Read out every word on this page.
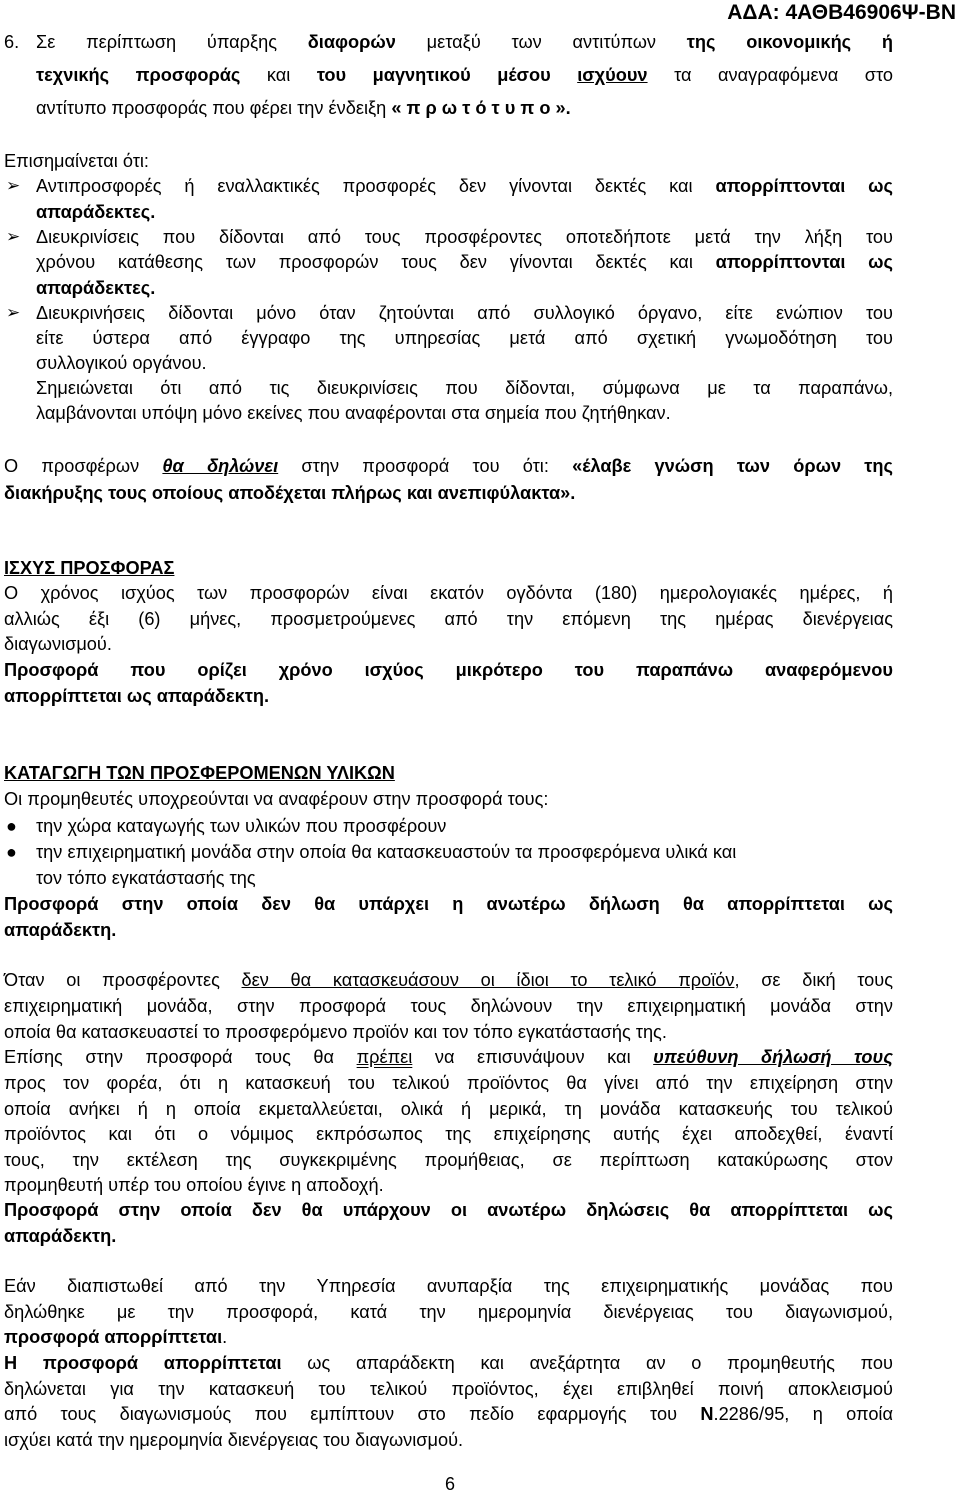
ΑΔΑ: 4ΑΘΒ46906Ψ-ΒΝ
6. Σε περίπτωση ύπαρξης διαφορών μεταξύ των αντιτύπων της οικονομικής ή
τεχνικής προσφοράς και του μαγνητικού μέσου ισχύουν τα αναγραφόμενα στο
αντίτυπο προσφοράς που φέρει την ένδειξη « π ρ ω τ ό τ υ π ο ».
Επισημαίνεται ότι:
➢ Αντιπροσφορές ή εναλλακτικές προσφορές δεν γίνονται δεκτές και απορρίπτονται ως
απαράδεκτες.
➢ Διευκρινίσεις που δίδονται από τους προσφέροντες οποτεδήποτε μετά την λήξη του
χρόνου κατάθεσης των προσφορών τους δεν γίνονται δεκτές και απορρίπτονται ως
απαράδεκτες.
➢ Διευκρινήσεις δίδονται μόνο όταν ζητούνται από συλλογικό όργανο, είτε ενώπιον του
είτε ύστερα από έγγραφο της υπηρεσίας μετά από σχετική γνωμοδότηση του
συλλογικού οργάνου.
Σημειώνεται ότι από τις διευκρινίσεις που δίδονται, σύμφωνα με τα παραπάνω,
λαμβάνονται υπόψη μόνο εκείνες που αναφέρονται στα σημεία που ζητήθηκαν.
Ο προσφέρων θα δηλώνει στην προσφορά του ότι: «έλαβε γνώση των όρων της
διακήρυξης τους οποίους αποδέχεται πλήρως και ανεπιφύλακτα».
ΙΣΧΥΣ ΠΡΟΣΦΟΡΑΣ
Ο χρόνος ισχύος των προσφορών είναι εκατόν ογδόντα (180) ημερολογιακές ημέρες, ή
αλλιώς έξι (6) μήνες, προσμετρούμενες από την επόμενη της ημέρας διενέργειας
διαγωνισμού.
Προσφορά που ορίζει χρόνο ισχύος μικρότερο του παραπάνω αναφερόμενου
απορρίπτεται ως απαράδεκτη.
ΚΑΤΑΓΩΓΗ ΤΩΝ ΠΡΟΣΦΕΡΟΜΕΝΩΝ ΥΛΙΚΩΝ
Οι προμηθευτές υποχρεούνται να αναφέρουν στην προσφορά τους:
● την χώρα καταγωγής των υλικών που προσφέρουν
● την επιχειρηματική μονάδα στην οποία θα κατασκευαστούν τα προσφερόμενα υλικά και
τον τόπο εγκατάστασής της
Προσφορά στην οποία δεν θα υπάρχει η ανωτέρω δήλωση θα απορρίπτεται ως
απαράδεκτη.
Όταν οι προσφέροντες δεν θα κατασκευάσουν οι ίδιοι το τελικό προϊόν, σε δική τους
επιχειρηματική μονάδα, στην προσφορά τους δηλώνουν την επιχειρηματική μονάδα στην
οποία θα κατασκευαστεί το προσφερόμενο προϊόν και τον τόπο εγκατάστασής της.
Επίσης στην προσφορά τους θα πρέπει να επισυνάψουν και υπεύθυνη δήλωσή τους
προς τον φορέα, ότι η κατασκευή του τελικού προϊόντος θα γίνει από την επιχείρηση στην
οποία ανήκει ή η οποία εκμεταλλεύεται, ολικά ή μερικά, τη μονάδα κατασκευής του τελικού
προϊόντος και ότι ο νόμιμος εκπρόσωπος της επιχείρησης αυτής έχει αποδεχθεί, έναντί
τους, την εκτέλεση της συγκεκριμένης προμήθειας, σε περίπτωση κατακύρωσης στον
προμηθευτή υπέρ του οποίου έγινε η αποδοχή.
Προσφορά στην οποία δεν θα υπάρχουν οι ανωτέρω δηλώσεις θα απορρίπτεται ως
απαράδεκτη.
Εάν διαπιστωθεί από την Υπηρεσία ανυπαρξία της επιχειρηματικής μονάδας που
δηλώθηκε με την προσφορά, κατά την ημερομηνία διενέργειας του διαγωνισμού,
προσφορά απορρίπτεται.
Η προσφορά απορρίπτεται ως απαράδεκτη και ανεξάρτητα αν ο προμηθευτής που
δηλώνεται για την κατασκευή του τελικού προϊόντος, έχει επιβληθεί ποινή αποκλεισμού
από τους διαγωνισμούς που εμπίπτουν στο πεδίο εφαρμογής του Ν.2286/95, η οποία
ισχύει κατά την ημερομηνία διενέργειας του διαγωνισμού.
6
